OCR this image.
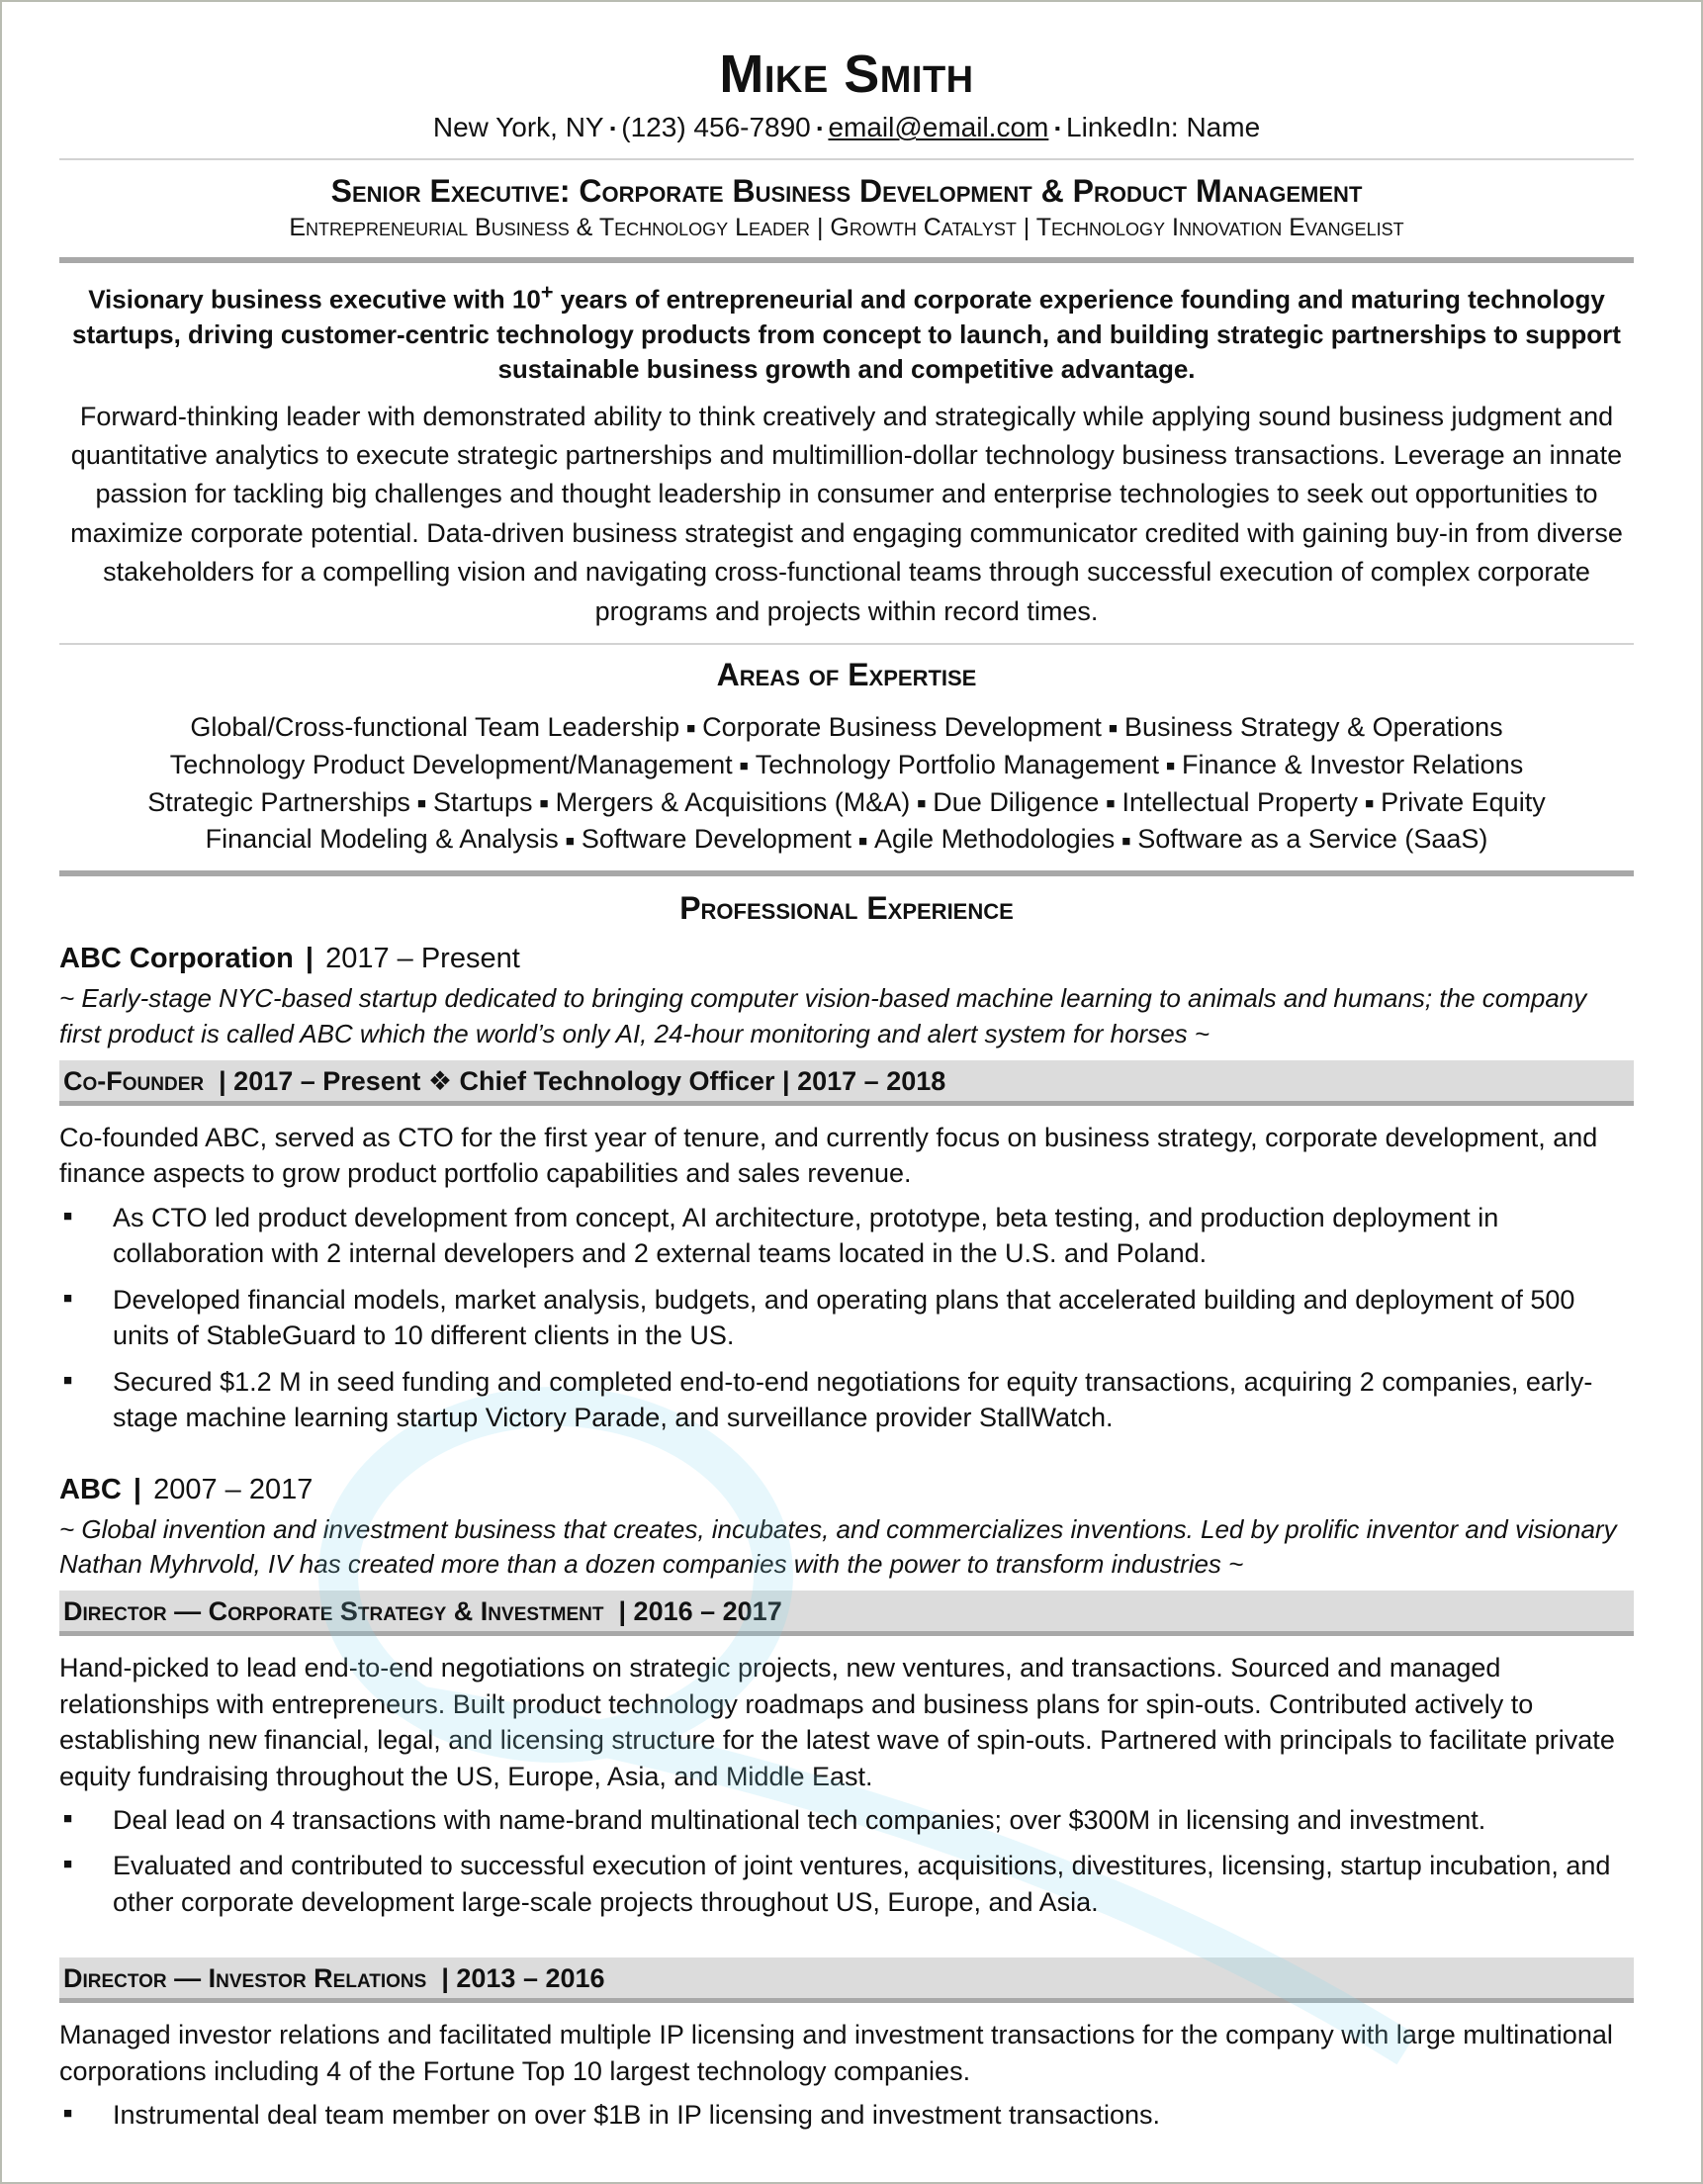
Mike Smith
New York, NY ▪ (123) 456-7890 ▪ email@email.com ▪ LinkedIn: Name
Senior Executive: Corporate Business Development & Product Management
Entrepreneurial Business & Technology Leader | Growth Catalyst | Technology Innovation Evangelist
Visionary business executive with 10+ years of entrepreneurial and corporate experience founding and maturing technology startups, driving customer-centric technology products from concept to launch, and building strategic partnerships to support sustainable business growth and competitive advantage.
Forward-thinking leader with demonstrated ability to think creatively and strategically while applying sound business judgment and quantitative analytics to execute strategic partnerships and multimillion-dollar technology business transactions. Leverage an innate passion for tackling big challenges and thought leadership in consumer and enterprise technologies to seek out opportunities to maximize corporate potential. Data-driven business strategist and engaging communicator credited with gaining buy-in from diverse stakeholders for a compelling vision and navigating cross-functional teams through successful execution of complex corporate programs and projects within record times.
Areas of Expertise
Global/Cross-functional Team Leadership ■ Corporate Business Development ■ Business Strategy & Operations
Technology Product Development/Management ■ Technology Portfolio Management ■ Finance & Investor Relations
Strategic Partnerships ■ Startups ■ Mergers & Acquisitions (M&A) ■ Due Diligence ■ Intellectual Property ■ Private Equity
Financial Modeling & Analysis ■ Software Development ■ Agile Methodologies ■ Software as a Service (SaaS)
Professional Experience
ABC Corporation | 2017 – Present
~ Early-stage NYC-based startup dedicated to bringing computer vision-based machine learning to animals and humans; the company first product is called ABC which the world’s only AI, 24-hour monitoring and alert system for horses ~
Co-Founder | 2017 – Present ❖ Chief Technology Officer | 2017 – 2018
Co-founded ABC, served as CTO for the first year of tenure, and currently focus on business strategy, corporate development, and finance aspects to grow product portfolio capabilities and sales revenue.
■ As CTO led product development from concept, AI architecture, prototype, beta testing, and production deployment in collaboration with 2 internal developers and 2 external teams located in the U.S. and Poland.
■ Developed financial models, market analysis, budgets, and operating plans that accelerated building and deployment of 500 units of StableGuard to 10 different clients in the US.
■ Secured $1.2 M in seed funding and completed end-to-end negotiations for equity transactions, acquiring 2 companies, early-stage machine learning startup Victory Parade, and surveillance provider StallWatch.
ABC | 2007 – 2017
~ Global invention and investment business that creates, incubates, and commercializes inventions. Led by prolific inventor and visionary Nathan Myhrvold, IV has created more than a dozen companies with the power to transform industries ~
Director — Corporate Strategy & Investment | 2016 – 2017
Hand-picked to lead end-to-end negotiations on strategic projects, new ventures, and transactions. Sourced and managed relationships with entrepreneurs. Built product technology roadmaps and business plans for spin-outs. Contributed actively to establishing new financial, legal, and licensing structure for the latest wave of spin-outs. Partnered with principals to facilitate private equity fundraising throughout the US, Europe, Asia, and Middle East.
■ Deal lead on 4 transactions with name-brand multinational tech companies; over $300M in licensing and investment.
■ Evaluated and contributed to successful execution of joint ventures, acquisitions, divestitures, licensing, startup incubation, and other corporate development large-scale projects throughout US, Europe, and Asia.
Director — Investor Relations | 2013 – 2016
Managed investor relations and facilitated multiple IP licensing and investment transactions for the company with large multinational corporations including 4 of the Fortune Top 10 largest technology companies.
■ Instrumental deal team member on over $1B in IP licensing and investment transactions.
